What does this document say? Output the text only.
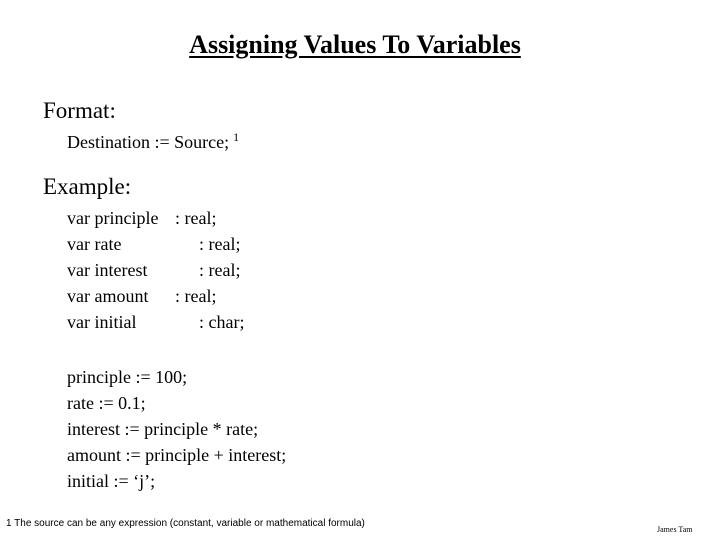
Assigning Values To Variables
Format:
Destination := Source; $^1$
Example:
var principle : real;
var rate	: real;
var interest	: real;
var amount : real;
var initial	: char;
principle := 100;
rate := 0.1;
interest := principle * rate;
amount := principle + interest;
initial := ‘j’;
1 The source can be any expression (constant, variable or mathematical formula)
James Tam
